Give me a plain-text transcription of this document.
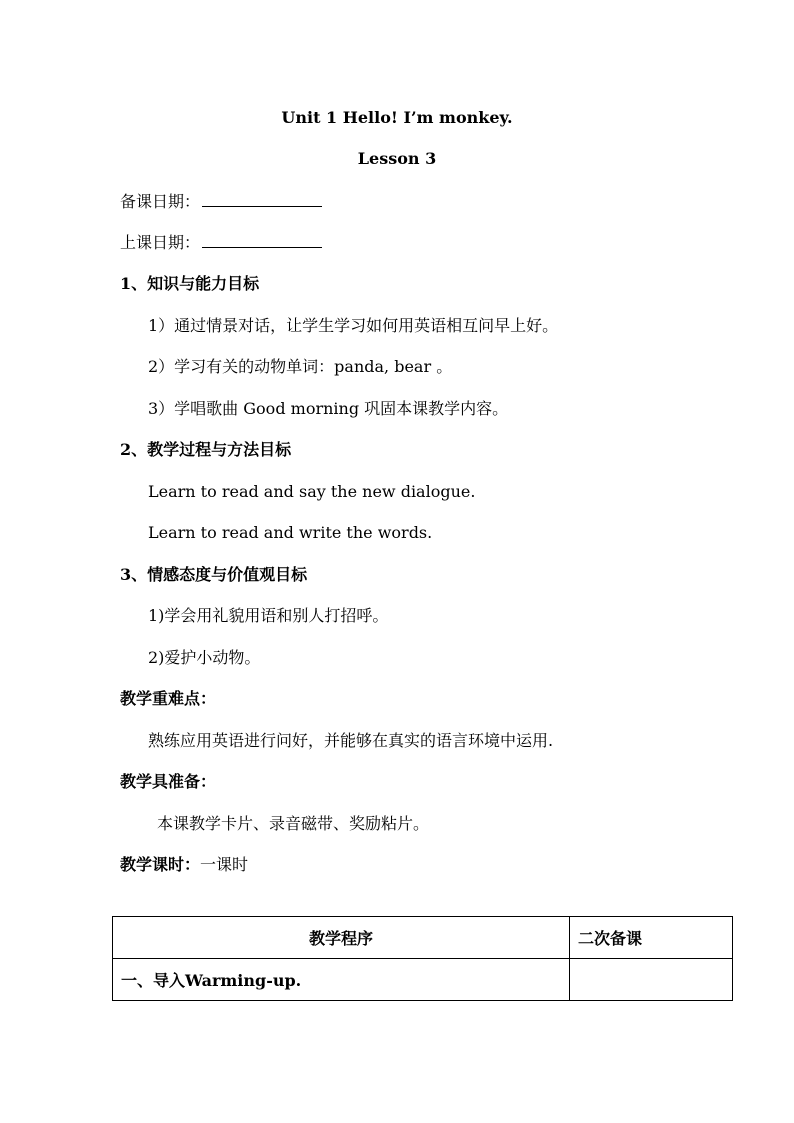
Unit 1 Hello! I’m monkey.
Lesson 3
备课日期：
上课日期：
1、知识与能力目标
1）通过情景对话，让学生学习如何用英语相互问早上好。
2）学习有关的动物单词：panda, bear 。
3）学唱歌曲 Good morning 巩固本课教学内容。
2、教学过程与方法目标
Learn to read and say the new dialogue.
Learn to read and write the words.
3、情感态度与价值观目标
1)学会用礼貌用语和别人打招呼。
2)爱护小动物。
教学重难点：
熟练应用英语进行问好，并能够在真实的语言环境中运用.
教学具准备：
本课教学卡片、录音磁带、奖励粘片。
教学课时：一课时
教学程序	二次备课
一、导入Warming-up.	
